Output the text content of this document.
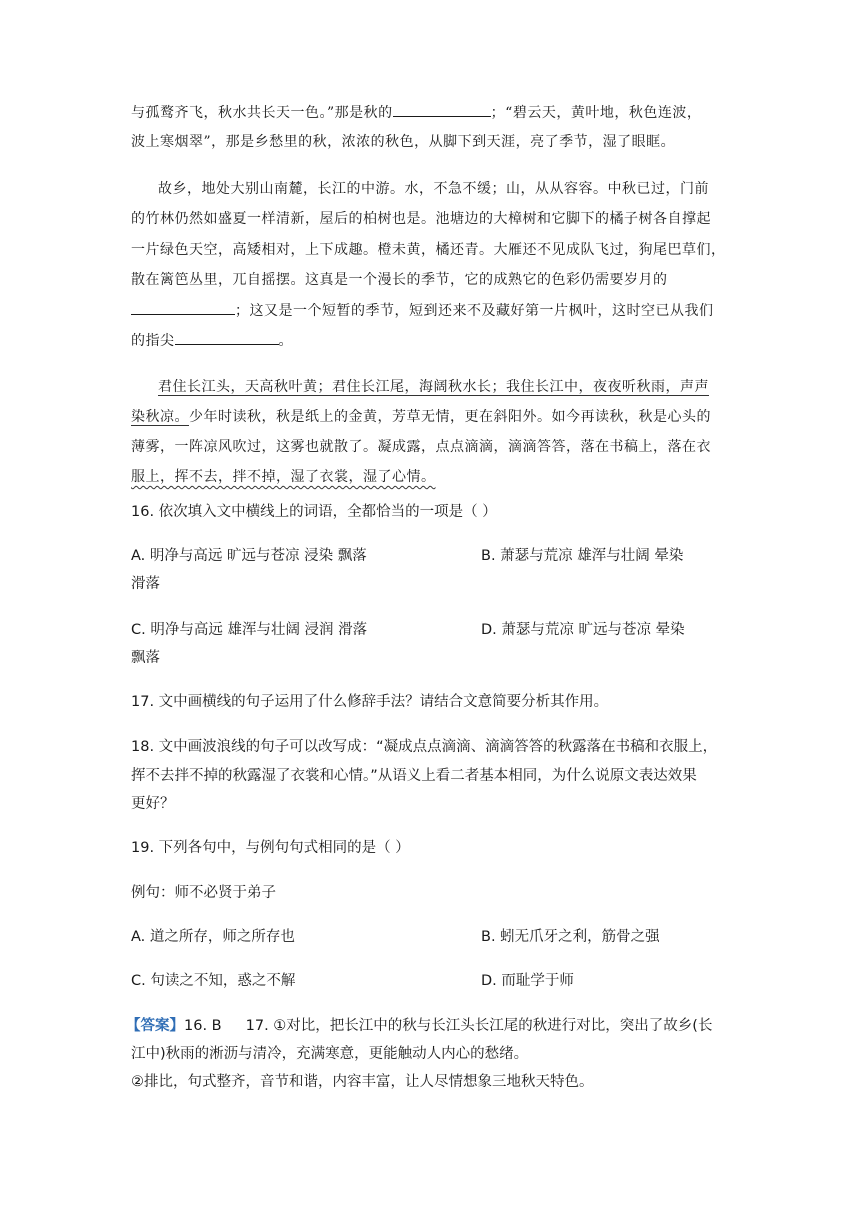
与孤鹜齐飞，秋水共长天一色。”那是秋的	；“碧云天，黄叶地，秋色连波，
波上寒烟翠”，那是乡愁里的秋，浓浓的秋色，从脚下到天涯，亮了季节，湿了眼眶。
故乡，地处大别山南麓，长江的中游。水，不急不缓；山，从从容容。中秋已过，门前
的竹林仍然如盛夏一样清新，屋后的柏树也是。池塘边的大樟树和它脚下的橘子树各自撑起
一片绿色天空，高矮相对，上下成趣。橙未黄，橘还青。大雁还不见成队飞过，狗尾巴草们，
散在篱笆丛里，兀自摇摆。这真是一个漫长的季节，它的成熟它的色彩仍需要岁月的
；这又是一个短暂的季节，短到还来不及藏好第一片枫叶，这时空已从我们
的指尖	。
君住长江头，天高秋叶黄；君住长江尾，海阔秋水长；我住长江中，夜夜听秋雨，声声
染秋凉。少年时读秋，秋是纸上的金黄，芳草无情，更在斜阳外。如今再读秋，秋是心头的
薄雾，一阵凉风吹过，这雾也就散了。凝成露，点点滴滴，滴滴答答，落在书稿上，落在衣
服上，挥不去，拌不掉，湿了衣裳，湿了心情。
16. 依次填入文中横线上的词语，全都恰当的一项是（ ）
A. 明净与高远 旷远与苍凉 浸染 飘落	B. 萧瑟与荒凉 雄浑与壮阔 晕染
滑落
C. 明净与高远 雄浑与壮阔 浸润 滑落	D. 萧瑟与荒凉 旷远与苍凉 晕染
飘落
17. 文中画横线的句子运用了什么修辞手法？请结合文意简要分析其作用。
18. 文中画波浪线的句子可以改写成：“凝成点点滴滴、滴滴答答的秋露落在书稿和衣服上，
挥不去拌不掉的秋露湿了衣裳和心情。”从语义上看二者基本相同，为什么说原文表达效果
更好？
19. 下列各句中，与例句句式相同的是（ ）
例句：师不必贤于弟子
A. 道之所存，师之所存也	B. 蚓无爪牙之利，筋骨之强
C. 句读之不知，惑之不解	D. 而耻学于师
【答案】16. B 17. ①对比，把长江中的秋与长江头长江尾的秋进行对比，突出了故乡(长
江中)秋雨的淅沥与清冷，充满寒意，更能触动人内心的愁绪。
②排比，句式整齐，音节和谐，内容丰富，让人尽情想象三地秋天特色。
